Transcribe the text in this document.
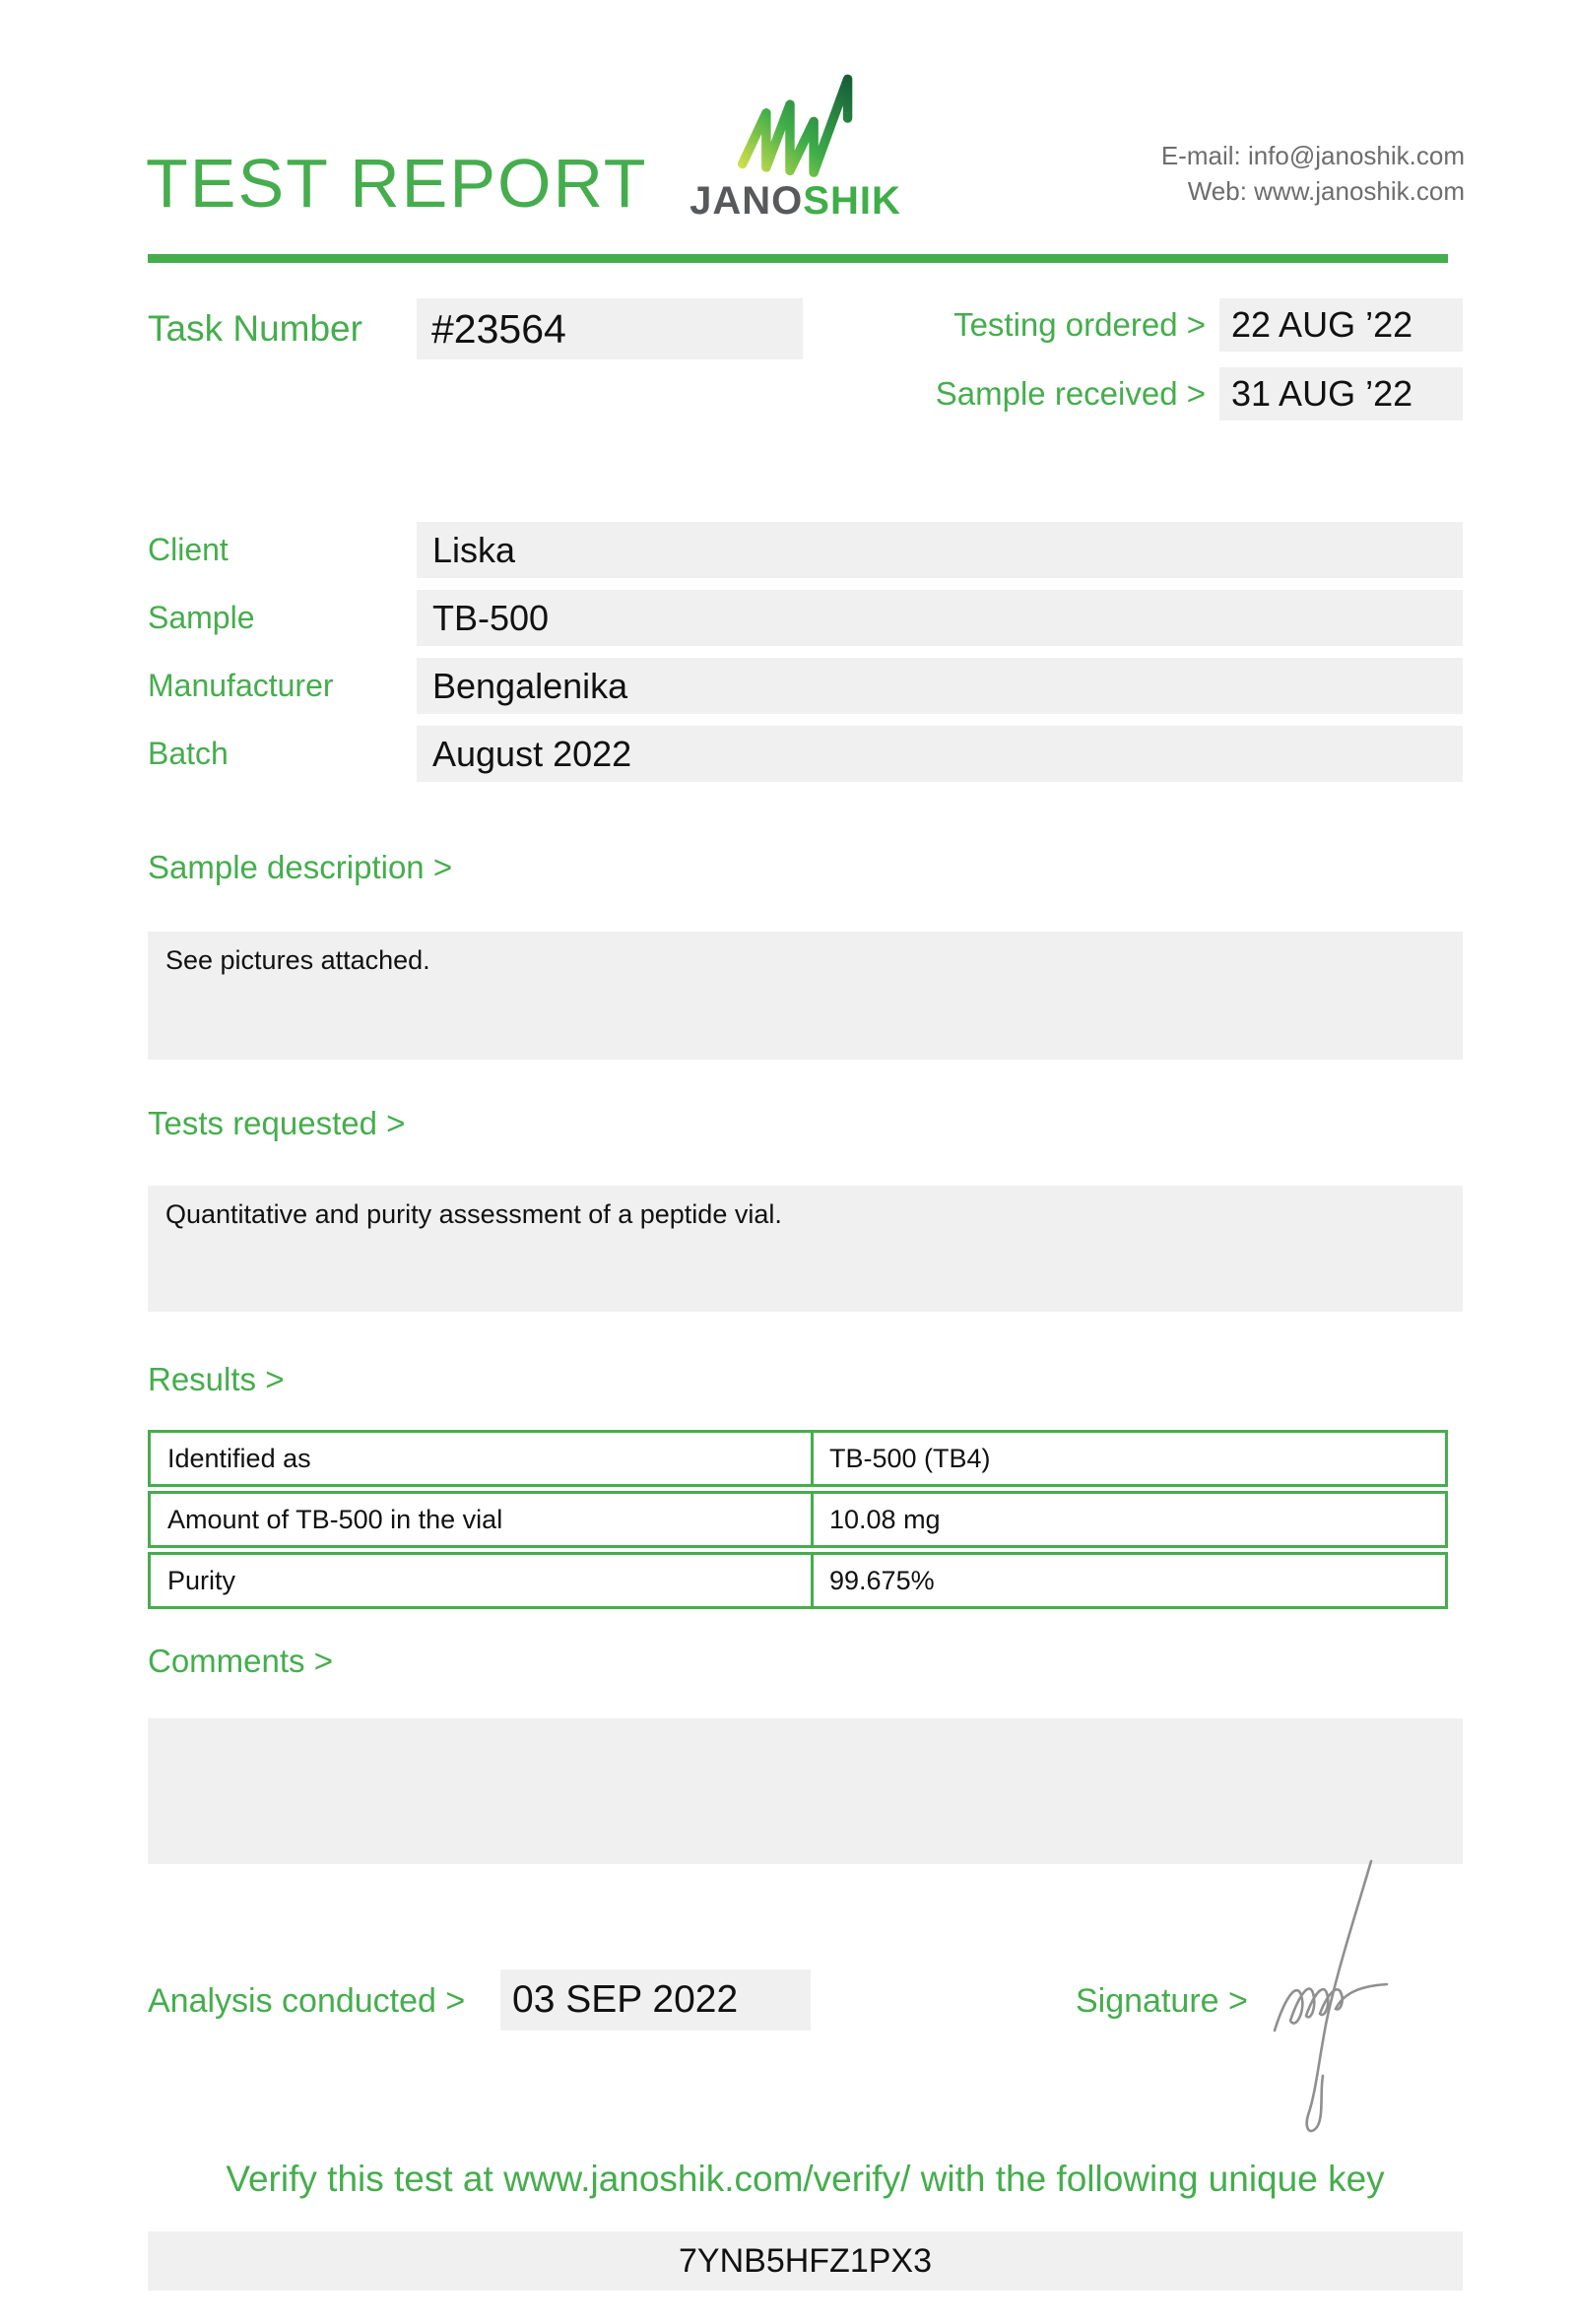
TEST REPORT JANOSHIK
E-mail: info@janoshik.com
Web: www.janoshik.com
Task Number	#23564	Testing ordered > 22 AUG ’22
Sample received > 31 AUG ’22
Client	Liska
Sample	TB-500
Manufacturer	Bengalenika
Batch	August 2022
Sample description >
See pictures attached.
Tests requested >
Quantitative and purity assessment of a peptide vial.
Results >
Identified as	TB-500 (TB4)
Amount of TB-500 in the vial	10.08 mg
Purity	99.675%
Comments >
Analysis conducted >	03 SEP 2022	Signature >
Verify this test at www.janoshik.com/verify/ with the following unique key
7YNB5HFZ1PX3
